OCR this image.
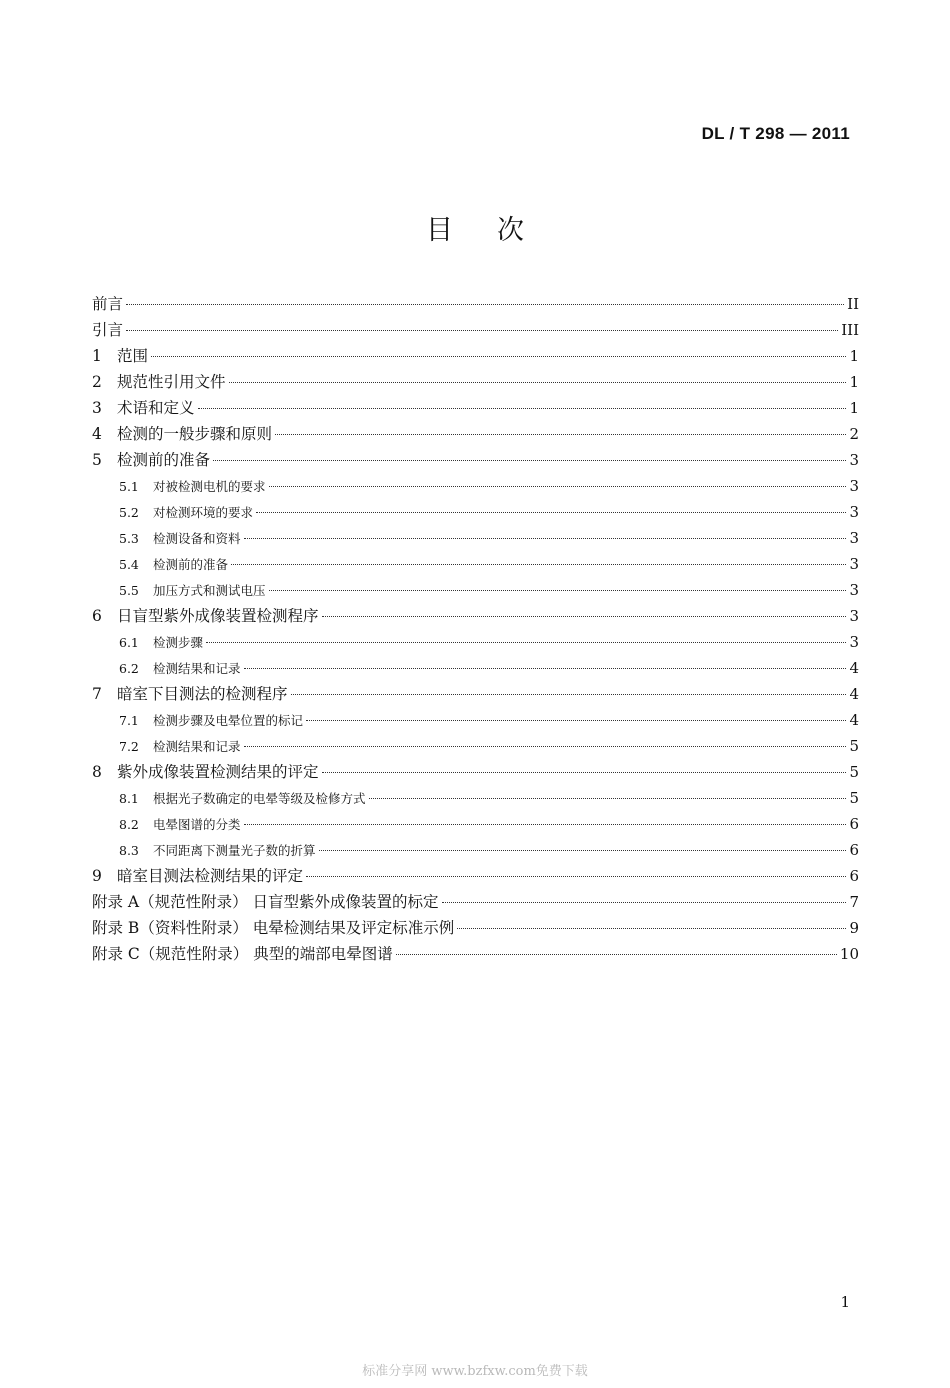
DL / T 298 — 2011
目次
前言	II
引言	III
1 范围	1
2 规范性引用文件	1
3 术语和定义	1
4 检测的一般步骤和原则	2
5 检测前的准备	3
5.1	对被检测电机的要求	3
5.2	对检测环境的要求	3
5.3	检测设备和资料	3
5.4	检测前的准备	3
5.5	加压方式和测试电压	3
6 日盲型紫外成像装置检测程序	3
6.1	检测步骤	3
6.2	检测结果和记录	4
7 暗室下目测法的检测程序	4
7.1	检测步骤及电晕位置的标记	4
7.2	检测结果和记录	5
8 紫外成像装置检测结果的评定	5
8.1	根据光子数确定的电晕等级及检修方式	5
8.2	电晕图谱的分类	6
8.3	不同距离下测量光子数的折算	6
9 暗室目测法检测结果的评定	6
附录 A（规范性附录） 日盲型紫外成像装置的标定	7
附录 B（资料性附录） 电晕检测结果及评定标准示例	9
附录 C（规范性附录） 典型的端部电晕图谱	10
1
标准分享网 www.bzfxw.com免费下载
